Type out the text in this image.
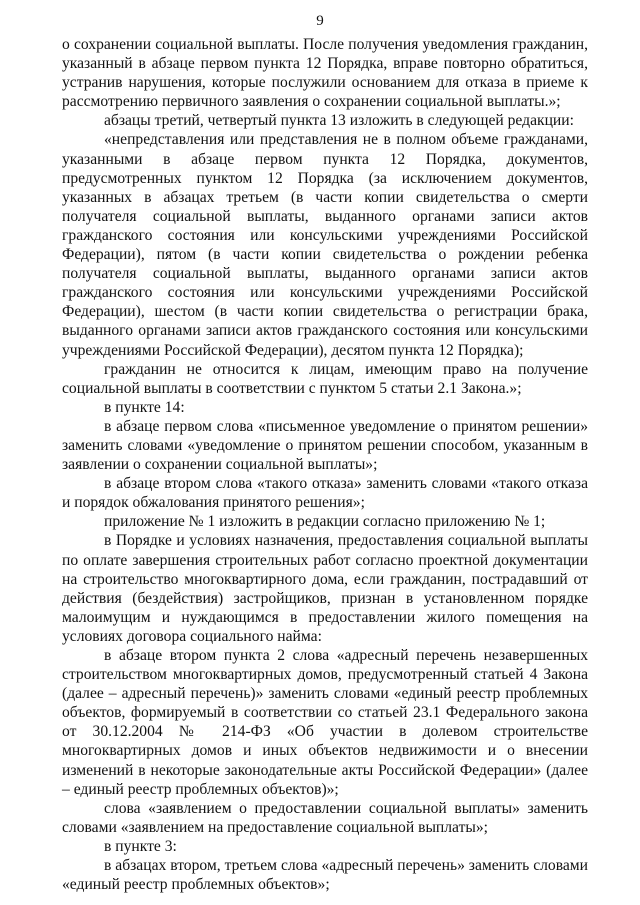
9

о сохранении социальной выплаты. После получения уведомления гражданин, указанный в абзаце первом пункта 12 Порядка, вправе повторно обратиться, устранив нарушения, которые послужили основанием для отказа в приеме к рассмотрению первичного заявления о сохранении социальной выплаты.»;

абзацы третий, четвертый пункта 13 изложить в следующей редакции:

«непредставления или представления не в полном объеме гражданами, указанными в абзаце первом пункта 12 Порядка, документов, предусмотренных пунктом 12 Порядка (за исключением документов, указанных в абзацах третьем (в части копии свидетельства о смерти получателя социальной выплаты, выданного органами записи актов гражданского состояния или консульскими учреждениями Российской Федерации), пятом (в части копии свидетельства о рождении ребенка получателя социальной выплаты, выданного органами записи актов гражданского состояния или консульскими учреждениями Российской Федерации), шестом (в части копии свидетельства о регистрации брака, выданного органами записи актов гражданского состояния или консульскими учреждениями Российской Федерации), десятом пункта 12 Порядка);

гражданин не относится к лицам, имеющим право на получение социальной выплаты в соответствии с пунктом 5 статьи 2.1 Закона.»;

в пункте 14:

в абзаце первом слова «письменное уведомление о принятом решении» заменить словами «уведомление о принятом решении способом, указанным в заявлении о сохранении социальной выплаты»;

в абзаце втором слова «такого отказа» заменить словами «такого отказа и порядок обжалования принятого решения»;

приложение № 1 изложить в редакции согласно приложению № 1;

в Порядке и условиях назначения, предоставления социальной выплаты по оплате завершения строительных работ согласно проектной документации на строительство многоквартирного дома, если гражданин, пострадавший от действия (бездействия) застройщиков, признан в установленном порядке малоимущим и нуждающимся в предоставлении жилого помещения на условиях договора социального найма:

в абзаце втором пункта 2 слова «адресный перечень незавершенных строительством многоквартирных домов, предусмотренный статьей 4 Закона (далее – адресный перечень)» заменить словами «единый реестр проблемных объектов, формируемый в соответствии со статьей 23.1 Федерального закона от 30.12.2004 № 214-ФЗ «Об участии в долевом строительстве многоквартирных домов и иных объектов недвижимости и о внесении изменений в некоторые законодательные акты Российской Федерации» (далее – единый реестр проблемных объектов)»;

слова «заявлением о предоставлении социальной выплаты» заменить словами «заявлением на предоставление социальной выплаты»;

в пункте 3:

в абзацах втором, третьем слова «адресный перечень» заменить словами «единый реестр проблемных объектов»;
